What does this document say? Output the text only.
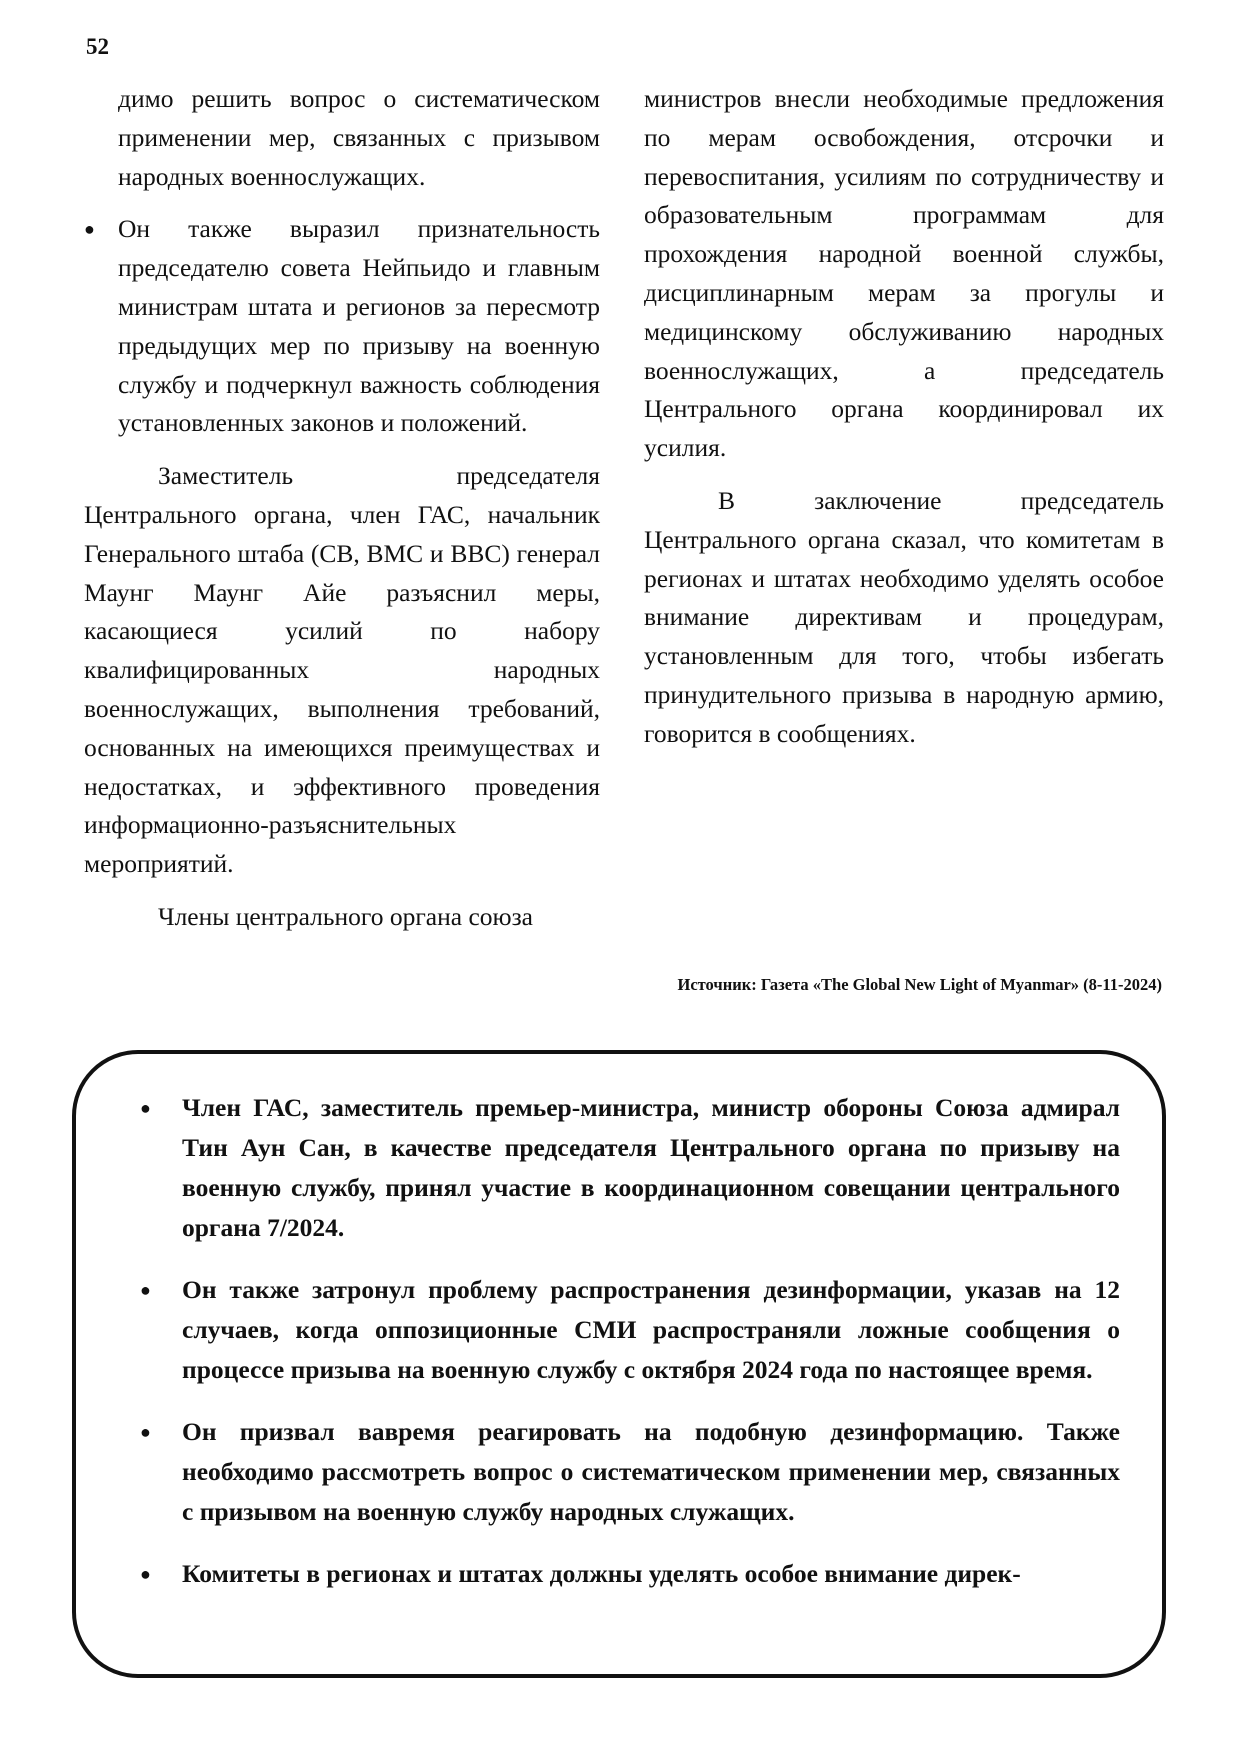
52
димо решить вопрос о систематическом применении мер, связанных с призывом народных военнослужащих.
● Он также выразил признательность председателю совета Нейпьидо и главным министрам штата и регионов за пересмотр предыдущих мер по призыву на военную службу и подчеркнул важность соблюдения установленных законов и положений.

Заместитель председателя Центрального органа, член ГАС, начальник Генерального штаба (СВ, ВМС и ВВС) генерал Маунг Маунг Айе разъяснил меры, касающиеся усилий по набору квалифицированных народных военнослужащих, выполнения требований, основанных на имеющихся преимуществах и недостатках, и эффективного проведения информационно-разъяснительных мероприятий.

Члены центрального органа союза

министров внесли необходимые предложения по мерам освобождения, отсрочки и перевоспитания, усилиям по сотрудничеству и образовательным программам для прохождения народной военной службы, дисциплинарным мерам за прогулы и медицинскому обслуживанию народных военнослужащих, а председатель Центрального органа координировал их усилия.

В заключение председатель Центрального органа сказал, что комитетам в регионах и штатах необходимо уделять особое внимание директивам и процедурам, установленным для того, чтобы избегать принудительного призыва в народную армию, говорится в сообщениях.

Источник: Газета «The Global New Light of Myanmar» (8-11-2024)
● Член ГАС, заместитель премьер-министра, министр обороны Союза адмирал Тин Аун Сан, в качестве председателя Центрального органа по призыву на военную службу, принял участие в координационном совещании центрального органа 7/2024.
● Он также затронул проблему распространения дезинформации, указав на 12 случаев, когда оппозиционные СМИ распространяли ложные сообщения о процессе призыва на военную службу с октября 2024 года по настоящее время.
● Он призвал вавремя реагировать на подобную дезинформацию. Также необходимо рассмотреть вопрос о систематическом применении мер, связанных с призывом на военную службу народных служащих.
● Комитеты в регионах и штатах должны уделять особое внимание дирек-
